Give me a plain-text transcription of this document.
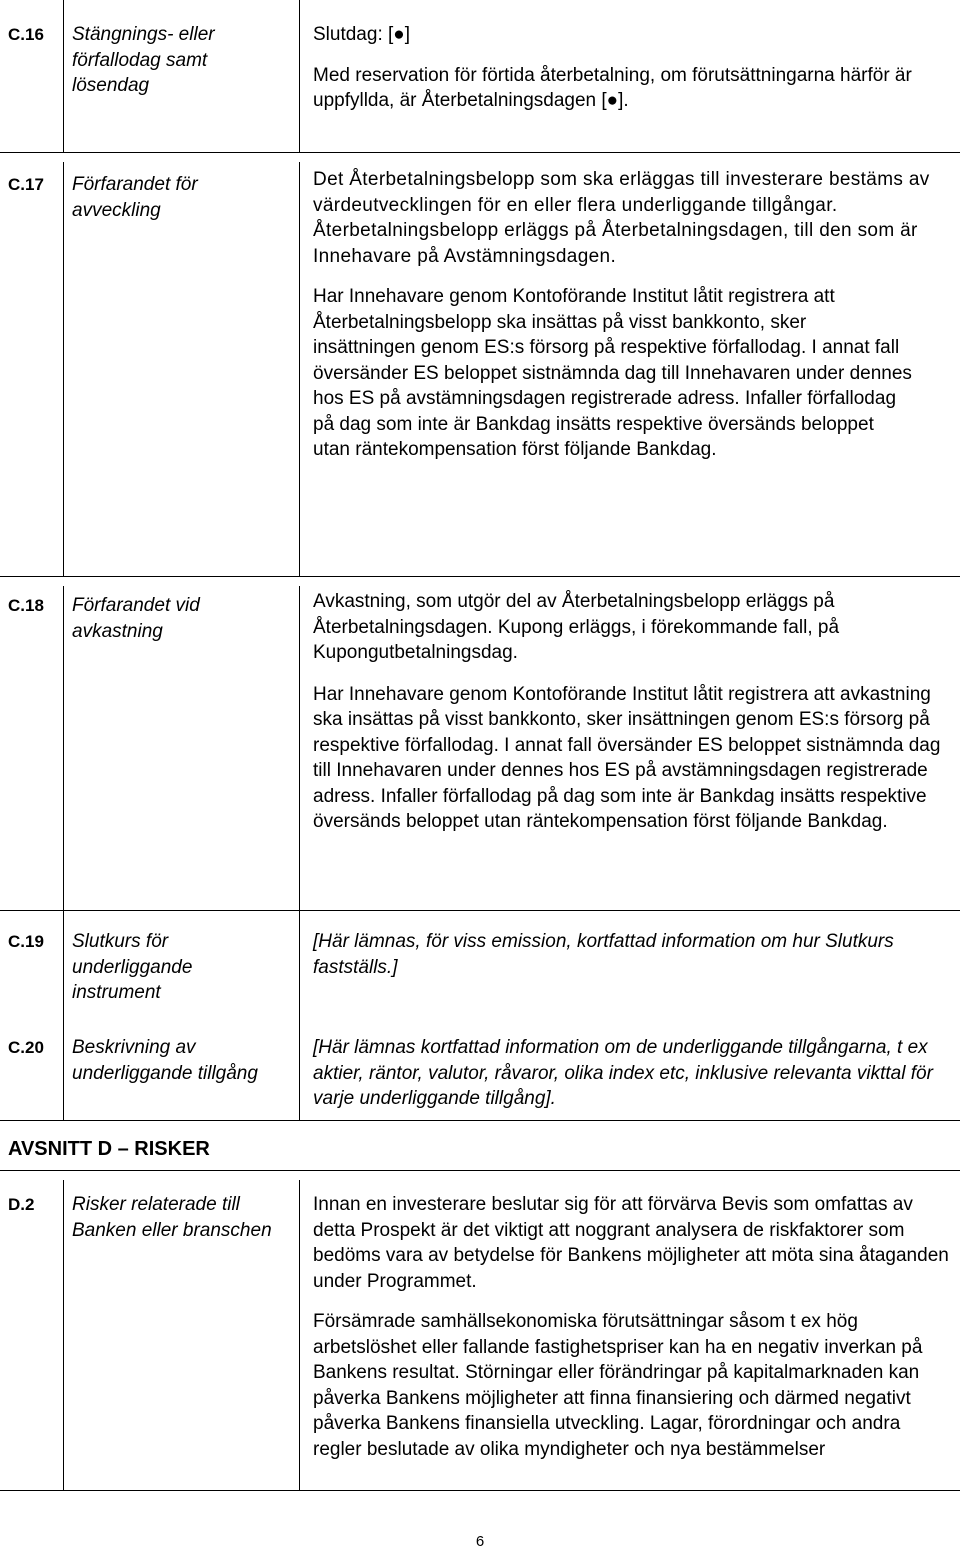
C.16 Stängnings- eller förfallodag samt lösendag

Slutdag: [●]

Med reservation för förtida återbetalning, om förutsättningarna härför är uppfyllda, är Återbetalningsdagen [●].

C.17 Förfarandet för avveckling

Det Återbetalningsbelopp som ska erläggas till investerare bestäms av värdeutvecklingen för en eller flera underliggande tillgångar. Återbetalningsbelopp erläggs på Återbetalningsdagen, till den som är Innehavare på Avstämningsdagen.

Har Innehavare genom Kontoförande Institut låtit registrera att Återbetalningsbelopp ska insättas på visst bankkonto, sker insättningen genom ES:s försorg på respektive förfallodag. I annat fall översänder ES beloppet sistnämnda dag till Innehavaren under dennes hos ES på avstämningsdagen registrerade adress. Infaller förfallodag på dag som inte är Bankdag insätts respektive översänds beloppet utan räntekompensation först följande Bankdag.

C.18 Förfarandet vid avkastning

Avkastning, som utgör del av Återbetalningsbelopp erläggs på Återbetalningsdagen. Kupong erläggs, i förekommande fall, på Kupongutbetalningsdag.

Har Innehavare genom Kontoförande Institut låtit registrera att avkastning ska insättas på visst bankkonto, sker insättningen genom ES:s försorg på respektive förfallodag. I annat fall översänder ES beloppet sistnämnda dag till Innehavaren under dennes hos ES på avstämningsdagen registrerade adress. Infaller förfallodag på dag som inte är Bankdag insätts respektive översänds beloppet utan räntekompensation först följande Bankdag.

C.19 Slutkurs för underliggande instrument
[Här lämnas, för viss emission, kortfattad information om hur Slutkurs fastställs.]
C.20 Beskrivning av underliggande tillgång
[Här lämnas kortfattad information om de underliggande tillgångarna, t ex aktier, räntor, valutor, råvaror, olika index etc, inklusive relevanta vikttal för varje underliggande tillgång].
AVSNITT D – RISKER
D.2 Risker relaterade till Banken eller branschen

Innan en investerare beslutar sig för att förvärva Bevis som omfattas av detta Prospekt är det viktigt att noggrant analysera de riskfaktorer som bedöms vara av betydelse för Bankens möjligheter att möta sina åtaganden under Programmet.

Försämrade samhällsekonomiska förutsättningar såsom t ex hög arbetslöshet eller fallande fastighetspriser kan ha en negativ inverkan på Bankens resultat. Störningar eller förändringar på kapitalmarknaden kan påverka Bankens möjligheter att finna finansiering och därmed negativt påverka Bankens finansiella utveckling. Lagar, förordningar och andra regler beslutade av olika myndigheter och nya bestämmelser

6
